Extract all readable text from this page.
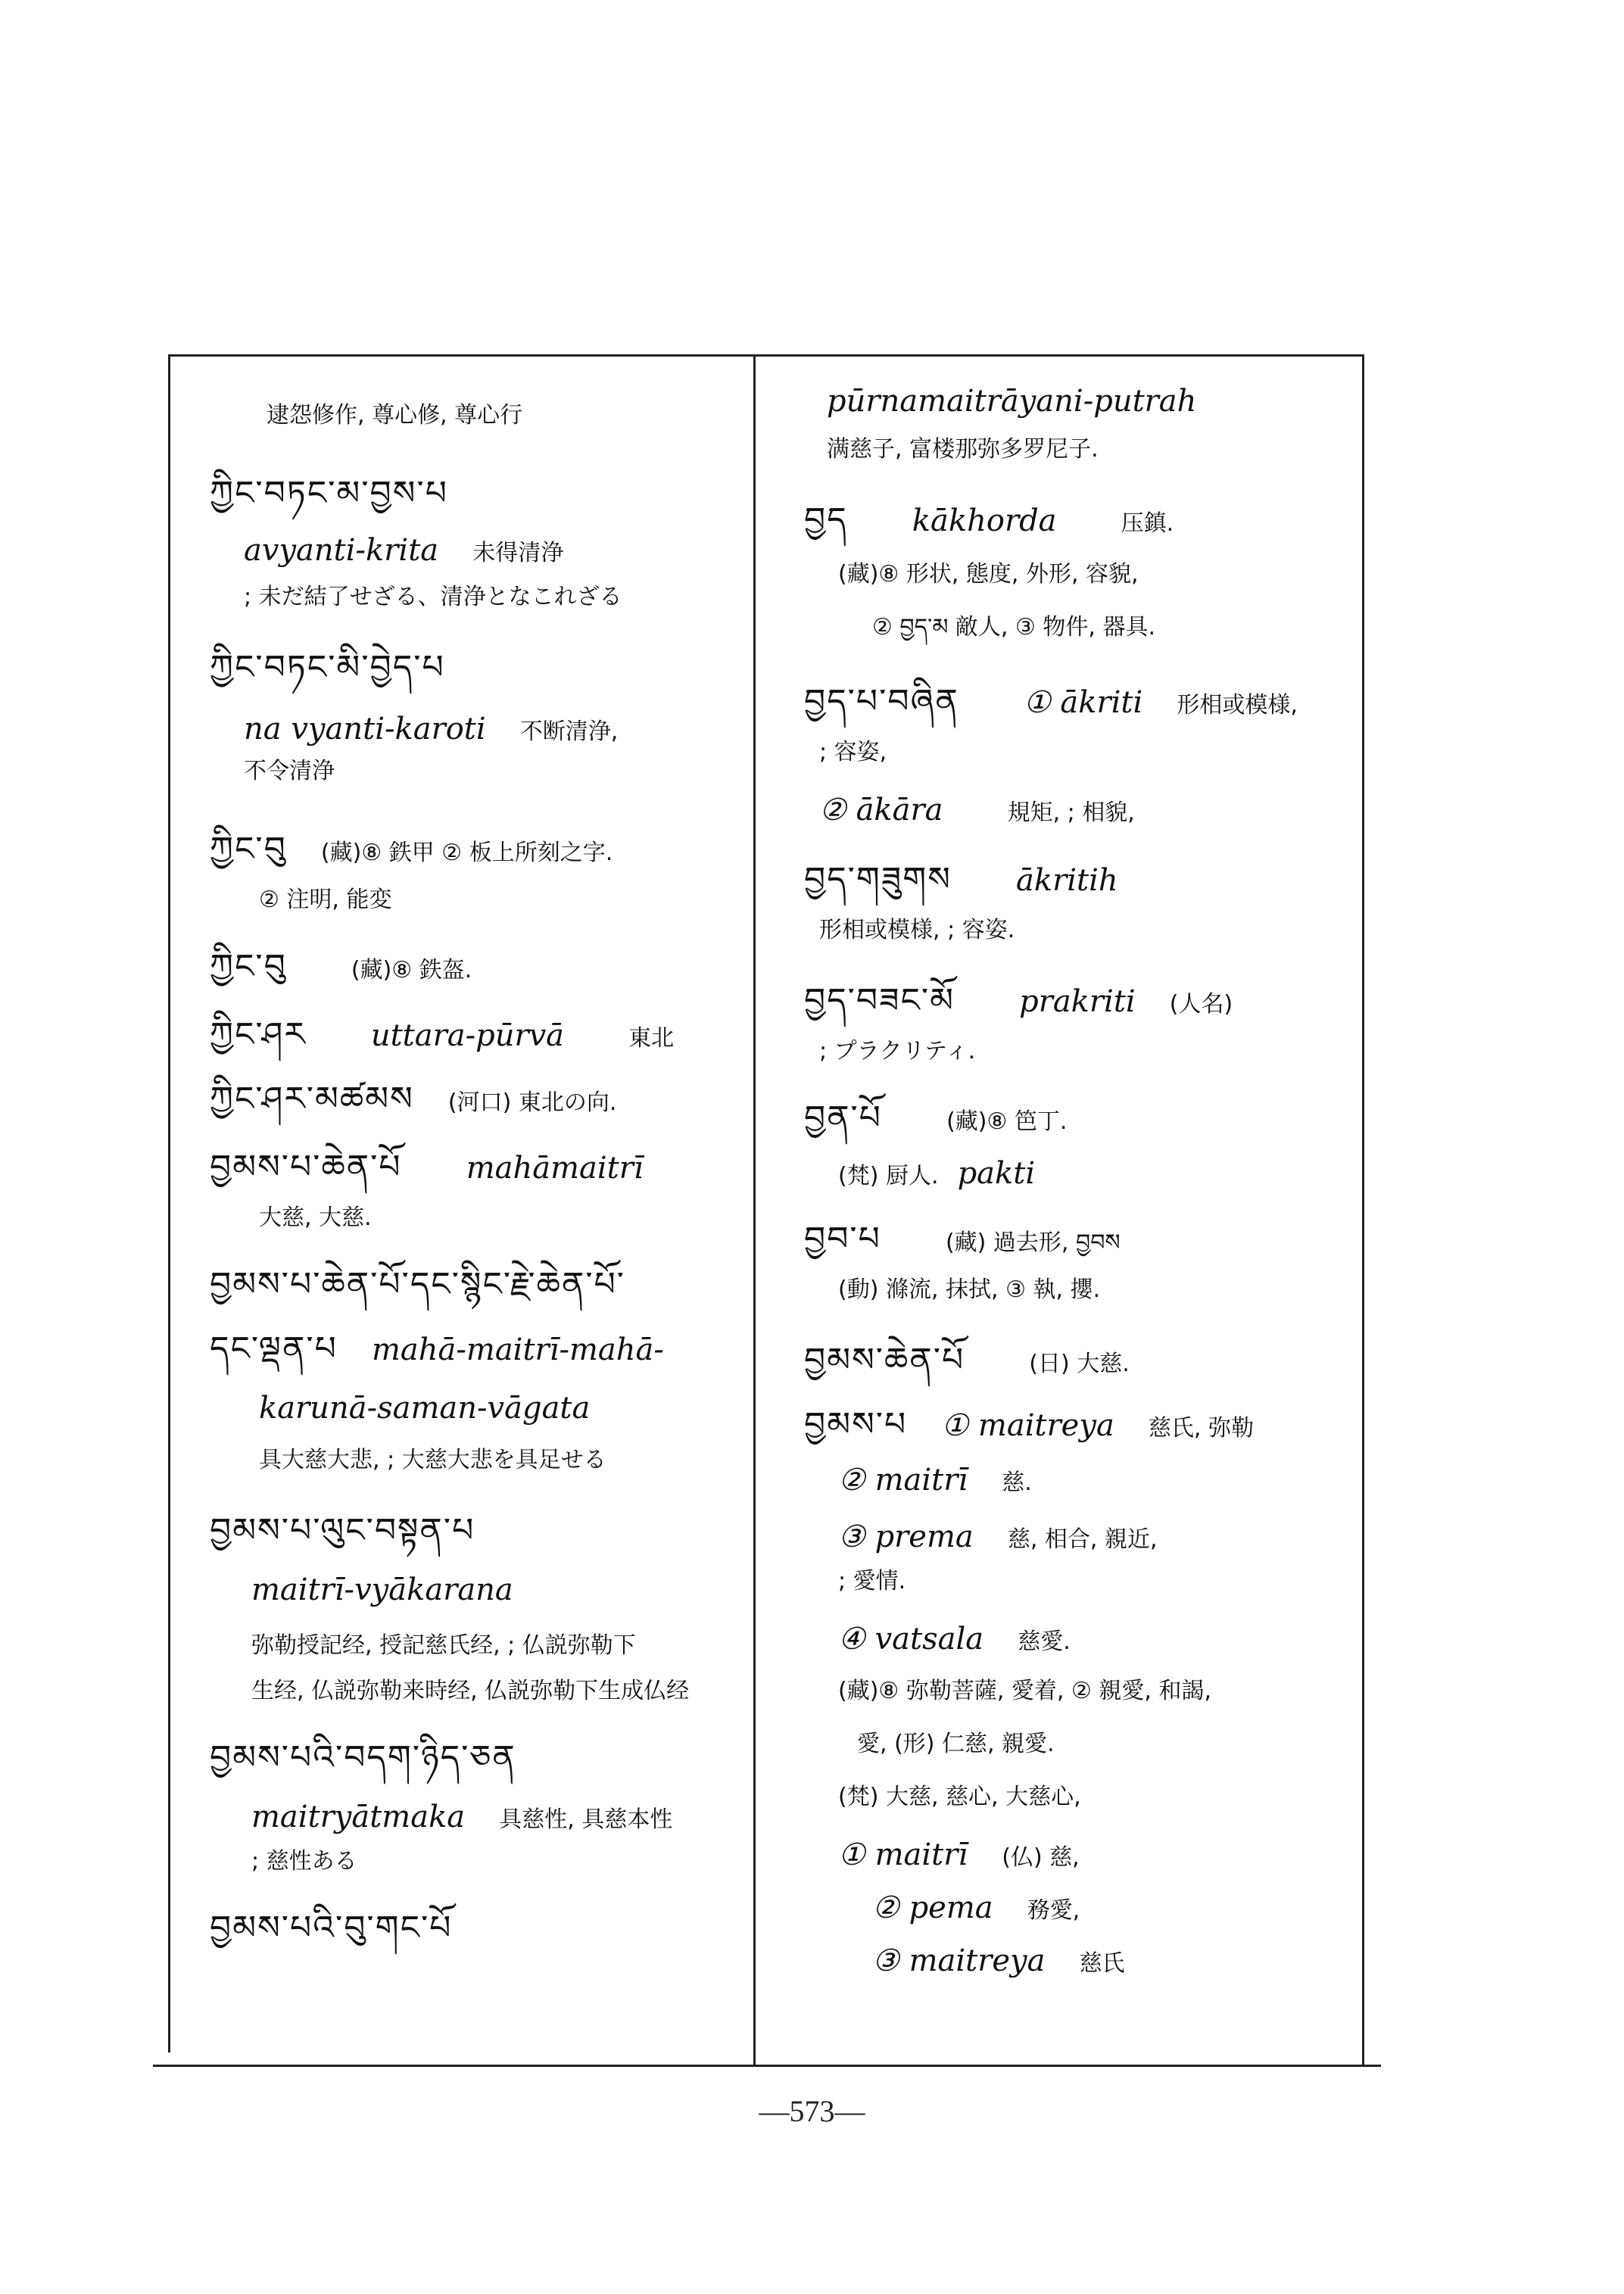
逮怨修作, 尊心修, 尊心行
ཀྱིང་བཏང་མ་བྱས་པ
avyanti-krita 未得清浄
; 未だ結了せざる、清浄となこれざる
ཀྱིང་བཏང་མི་བྱེད་པ
na vyanti-karoti 不断清浄,
不令清浄
ཀྱིང་བུ (藏)⑧ 鉄甲 ② 板上所刻之字.
② 注明, 能変
ཀྱིང་བུ	(藏)⑧ 鉄盔.
ཀྱིང་ཤར uttara-pūrvā	東北
ཀྱིང་ཤར་མཚམས (河口) 東北の向.
བྱམས་པ་ཆེན་པོ mahāmaitrī
大慈, 大慈.
བྱམས་པ་ཆེན་པོ་དང་སྙིང་རྗེ་ཆེན་པོ་
དང་ལྡན་པ mahā-maitrī-mahā-
karunā-saman-vāgata
具大慈大悲, ; 大慈大悲を具足せる
བྱམས་པ་ལུང་བསྟན་པ
maitrī-vyākarana
弥勒授記经, 授記慈氏经, ; 仏説弥勒下
生经, 仏説弥勒来時经, 仏説弥勒下生成仏经
བྱམས་པའི་བདག་ཉིད་ཅན
maitryātmaka 具慈性, 具慈本性
; 慈性ある
བྱམས་པའི་བུ་གང་པོ
pūrnamaitrāyani-putrah
满慈子, 富楼那弥多罗尼子.
བྱད kākhorda	压鎮.
(藏)⑧ 形状, 態度, 外形, 容貌,
② བྱད་མ 敵人, ③ 物件, 器具.
བྱད་པ་བཞིན ① ākriti 形相或模様,
; 容姿,
② ākāra	規矩, ; 相貌,
བྱད་གཟུགས ākritih
形相或模様, ; 容姿.
བྱད་བཟང་མོ prakriti (人名)
; プラクリティ.
བྱན་པོ	(藏)⑧ 笆丁.
(梵) 厨人. pakti
བྱབ་པ	(藏) 過去形, བྱབས
(動) 滌流, 抹拭, ③ 執, 攖.
བྱམས་ཆེན་པོ	(日) 大慈.
བྱམས་པ ① maitreya 慈氏, 弥勒
② maitrī 慈.
③ prema 慈, 相合, 親近,
; 愛情.
④ vatsala 慈愛.
(藏)⑧ 弥勒菩薩, 愛着, ② 親愛, 和謁,
愛, (形) 仁慈, 親愛.
(梵) 大慈, 慈心, 大慈心,
① maitrī (仏) 慈,
② pema 務愛,
③ maitreya 慈氏
—573—
